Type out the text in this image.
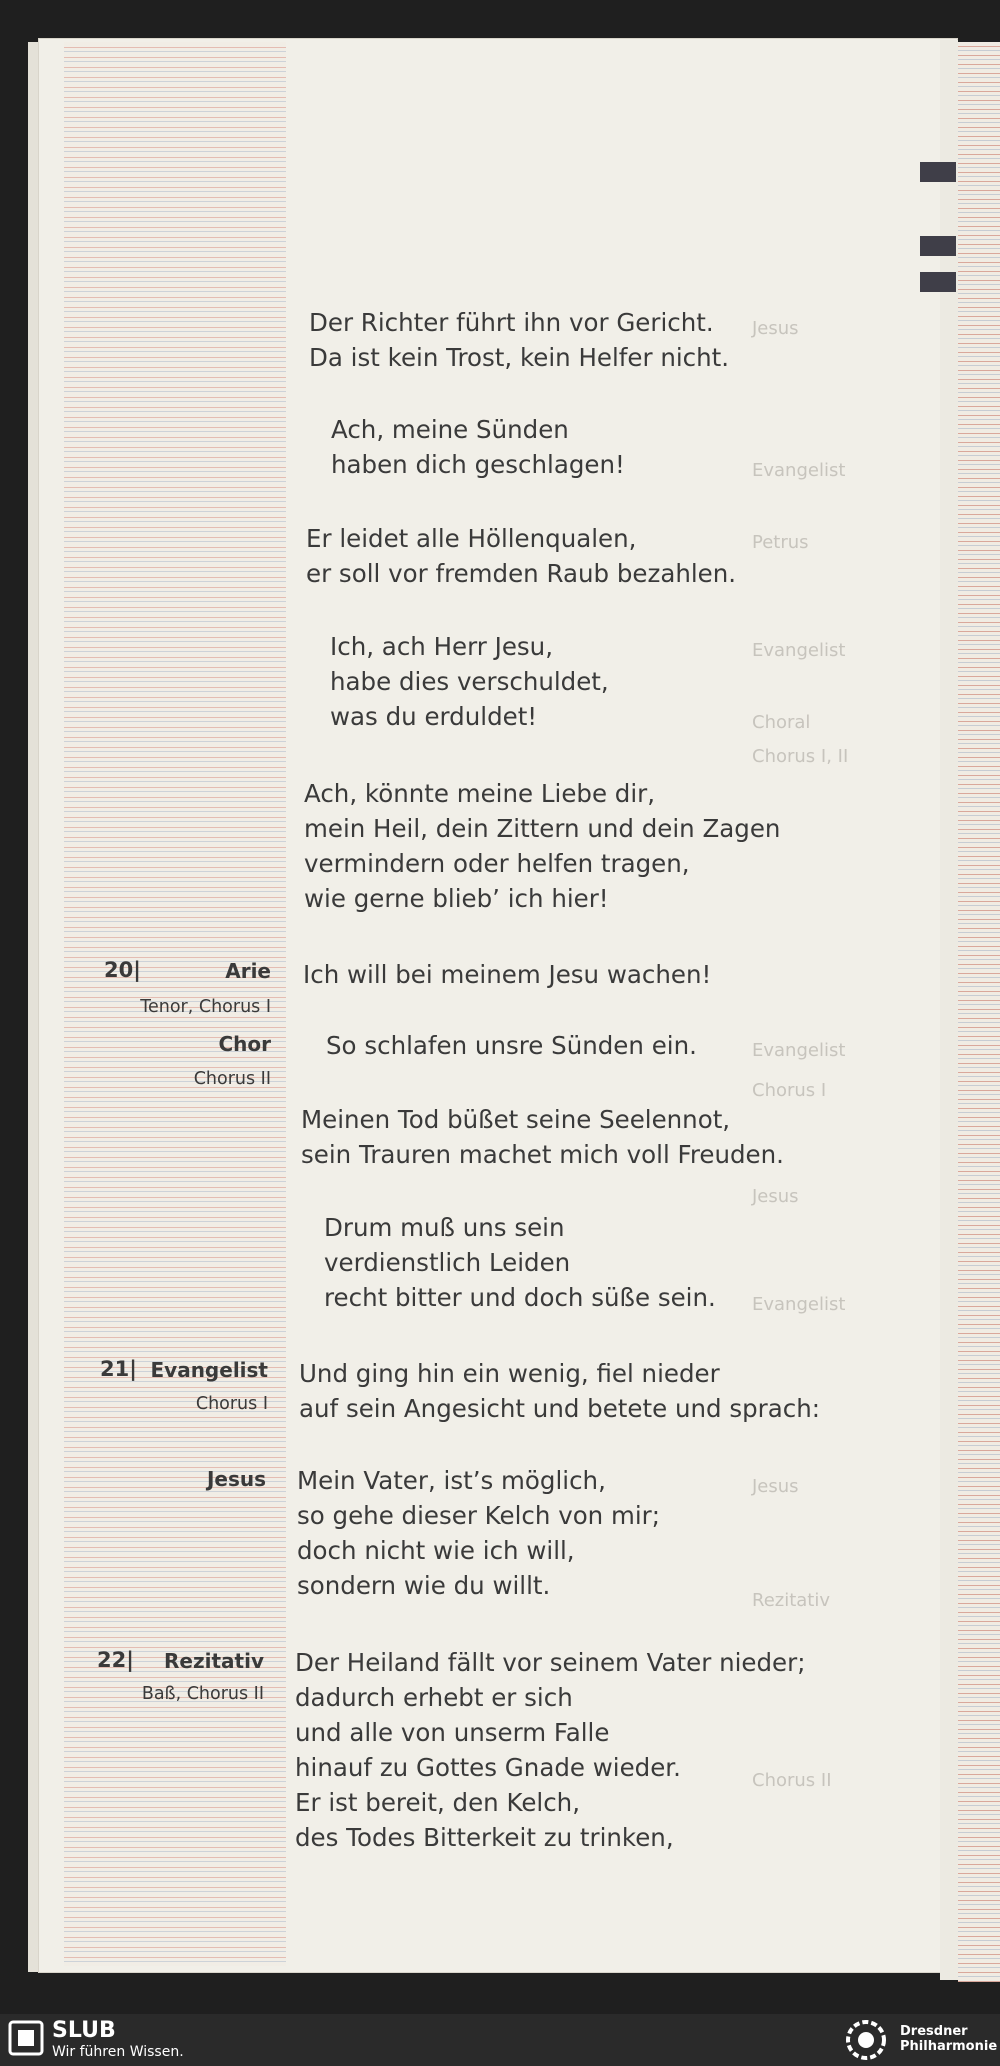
Jesus
Evangelist
Petrus
Evangelist
Choral
Chorus I, II
Evangelist
Chorus I
Jesus
Evangelist
Jesus
Rezitativ
Chorus II
20|	Arie
Tenor, Chorus I
Chor
Chorus II
21| Evangelist
Chorus I
Jesus
22| Rezitativ
Baß, Chorus II
Der Richter führt ihn vor Gericht.
Da ist kein Trost, kein Helfer nicht.
Ach, meine Sünden
haben dich geschlagen!
Er leidet alle Höllenqualen,
er soll vor fremden Raub bezahlen.
Ich, ach Herr Jesu,
habe dies verschuldet,
was du erduldet!
Ach, könnte meine Liebe dir,
mein Heil, dein Zittern und dein Zagen
vermindern oder helfen tragen,
wie gerne blieb’ ich hier!
Ich will bei meinem Jesu wachen!
So schlafen unsre Sünden ein.
Meinen Tod büßet seine Seelennot,
sein Trauren machet mich voll Freuden.
Drum muß uns sein
verdienstlich Leiden
recht bitter und doch süße sein.
Und ging hin ein wenig, fiel nieder
auf sein Angesicht und betete und sprach:
Mein Vater, ist’s möglich,
so gehe dieser Kelch von mir;
doch nicht wie ich will,
sondern wie du willt.
Der Heiland fällt vor seinem Vater nieder;
dadurch erhebt er sich
und alle von unserm Falle
hinauf zu Gottes Gnade wieder.
Er ist bereit, den Kelch,
des Todes Bitterkeit zu trinken,
SLUB
Wir führen Wissen.
Dresdner
Philharmonie
